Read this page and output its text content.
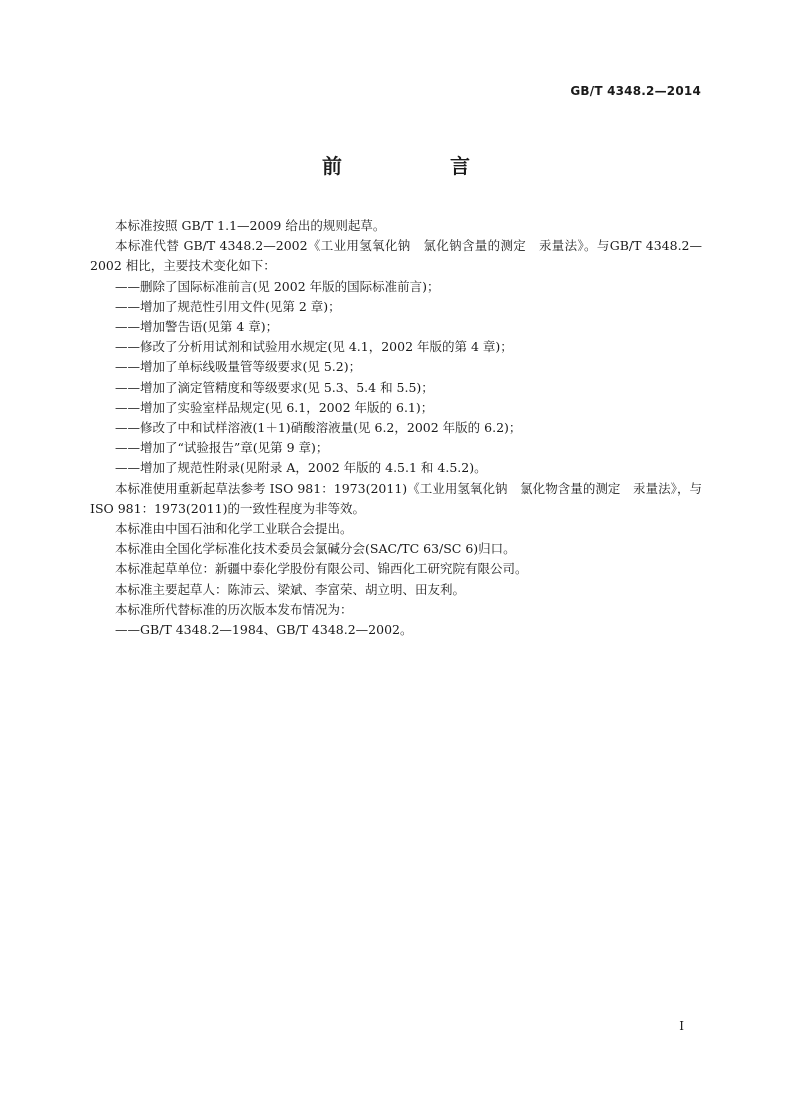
GB/T 4348.2—2014
前　言

本标准按照 GB/T 1.1—2009 给出的规则起草。

本标准代替 GB/T 4348.2—2002《工业用氢氧化钠　氯化钠含量的测定　汞量法》。与GB/T 4348.2—2002 相比，主要技术变化如下：

——删除了国际标准前言(见 2002 年版的国际标准前言)；

——增加了规范性引用文件(见第 2 章)；

——增加警告语(见第 4 章)；

——修改了分析用试剂和试验用水规定(见 4.1，2002 年版的第 4 章)；

——增加了单标线吸量管等级要求(见 5.2)；

——增加了滴定管精度和等级要求(见 5.3、5.4 和 5.5)；

——增加了实验室样品规定(见 6.1，2002 年版的 6.1)；

——修改了中和试样溶液(1＋1)硝酸溶液量(见 6.2，2002 年版的 6.2)；

——增加了“试验报告”章(见第 9 章)；

——增加了规范性附录(见附录 A，2002 年版的 4.5.1 和 4.5.2)。

本标准使用重新起草法参考 ISO 981：1973(2011)《工业用氢氧化钠　氯化物含量的测定　汞量法》，与 ISO 981：1973(2011)的一致性程度为非等效。

本标准由中国石油和化学工业联合会提出。

本标准由全国化学标准化技术委员会氯碱分会(SAC/TC 63/SC 6)归口。

本标准起草单位：新疆中泰化学股份有限公司、锦西化工研究院有限公司。

本标准主要起草人：陈沛云、梁斌、李富荣、胡立明、田友利。

本标准所代替标准的历次版本发布情况为：

——GB/T 4348.2—1984、GB/T 4348.2—2002。

I
